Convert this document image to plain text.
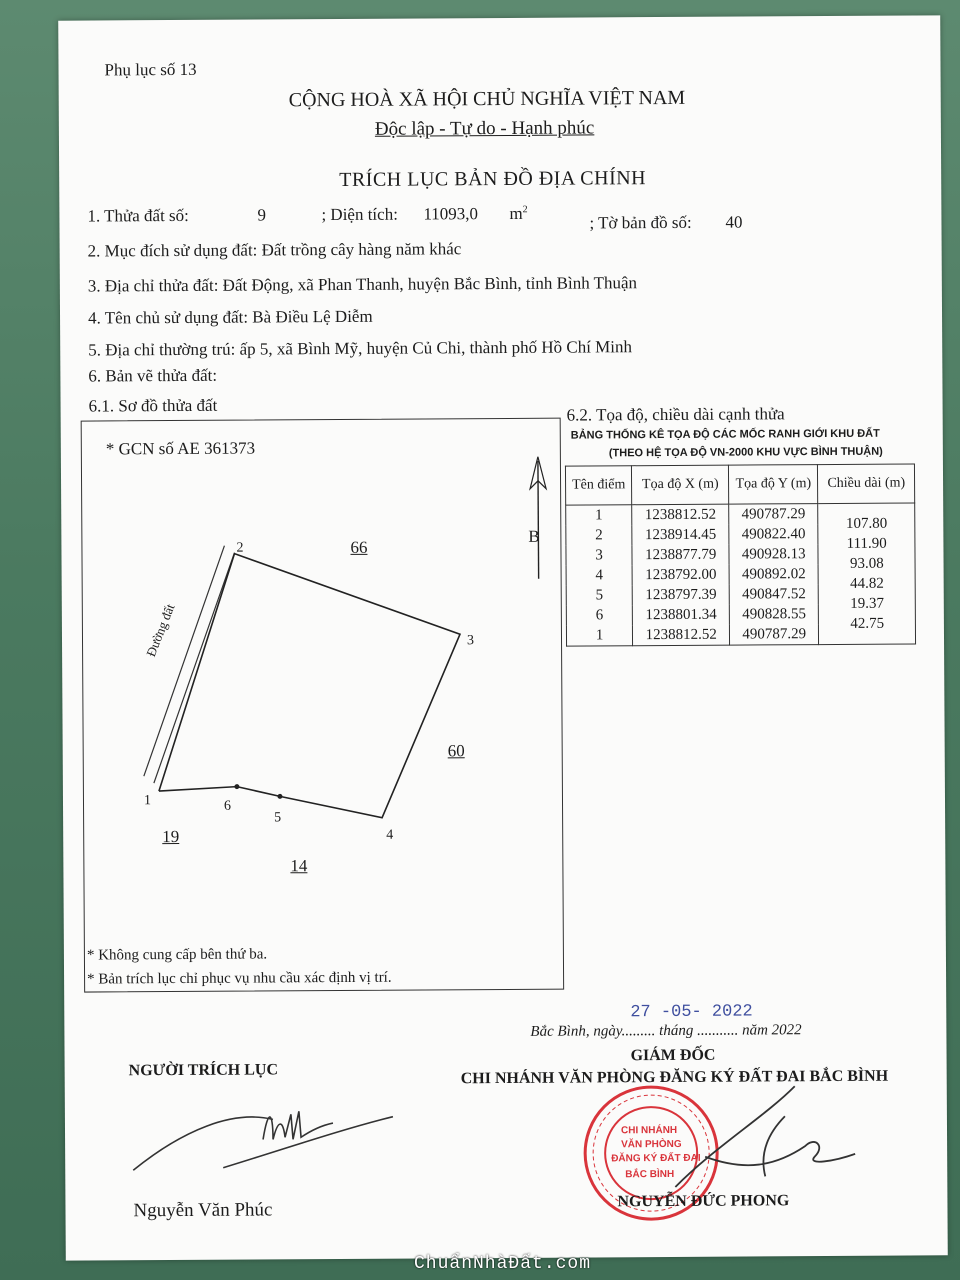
Phụ lục số 13
CỘNG HOÀ XÃ HỘI CHỦ NGHĨA VIỆT NAM
Độc lập - Tự do - Hạnh phúc
TRÍCH LỤC BẢN ĐỒ ĐỊA CHÍNH
1. Thửa đất số:	9	; Diện tích: 11093,0 $m^2$
; Tờ bản đồ số: 40
2. Mục đích sử dụng đất: Đất trồng cây hàng năm khác
3. Địa chỉ thửa đất: Đất Động, xã Phan Thanh, huyện Bắc Bình, tỉnh Bình Thuận
4. Tên chủ sử dụng đất: Bà Điều Lệ Diễm
5. Địa chỉ thường trú: ấp 5, xã Bình Mỹ, huyện Củ Chi, thành phố Hồ Chí Minh
6. Bản vẽ thửa đất:
6.1. Sơ đồ thửa đất	6.2. Tọa độ, chiều dài cạnh thửa
* GCN số AE 361373
B
Đường đất
66
60
19
14
1
2
3
4
5
6
* Không cung cấp bên thứ ba.
* Bản trích lục chỉ phục vụ nhu cầu xác định vị trí.
BẢNG THỐNG KÊ TỌA ĐỘ CÁC MỐC RANH GIỚI KHU ĐẤT
(THEO HỆ TỌA ĐỘ VN-2000 KHU VỰC BÌNH THUẬN)
Tên điểm	Tọa độ X (m)	Tọa độ Y (m)	Chiều dài (m)
1	1238812.52	490787.29	107.80
2	1238914.45	490822.40	111.90
3	1238877.79	490928.13	93.08
4	1238792.00	490892.02	44.82
5	1238797.39	490847.52	19.37
6	1238801.34	490828.55	42.75
1	1238812.52	490787.29	
27 -05- 2022
Bắc Bình, ngày......... tháng ........... năm 2022
NGƯỜI TRÍCH LỤC
GIÁM ĐỐC
CHI NHÁNH VĂN PHÒNG ĐĂNG KÝ ĐẤT ĐAI BẮC BÌNH
CHI NHÁNH
VĂN PHÒNG
ĐĂNG KÝ ĐẤT ĐAI
BẮC BÌNH
Nguyễn Văn Phúc	NGUYỄN ĐỨC PHONG
ChuẩnNhàĐất.com
